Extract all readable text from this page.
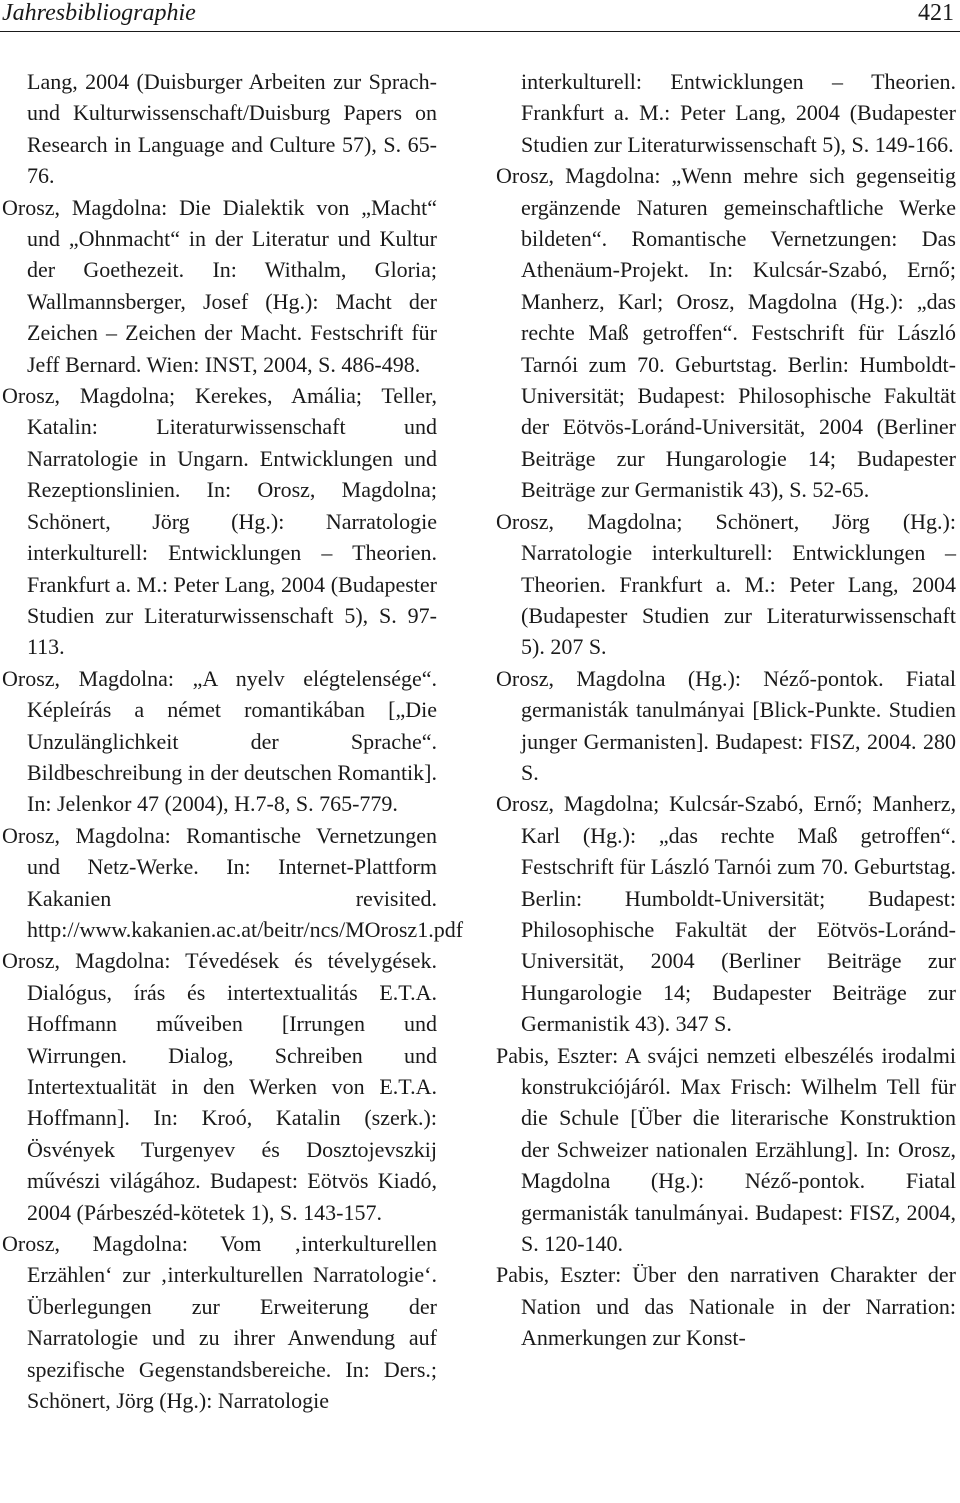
Jahresbibliographie	421
Lang, 2004 (Duisburger Arbeiten zur Sprach- und Kulturwissenschaft/Duisburg Papers on Research in Language and Culture 57), S. 65-76.
Orosz, Magdolna: Die Dialektik von „Macht“ und „Ohnmacht“ in der Literatur und Kultur der Goethezeit. In: Withalm, Gloria; Wallmannsberger, Josef (Hg.): Macht der Zeichen – Zeichen der Macht. Festschrift für Jeff Bernard. Wien: INST, 2004, S. 486-498.
Orosz, Magdolna; Kerekes, Amália; Teller, Katalin: Literaturwissenschaft und Narratologie in Ungarn. Entwicklungen und Rezeptionslinien. In: Orosz, Magdolna; Schönert, Jörg (Hg.): Narratologie interkulturell: Entwicklungen – Theorien. Frankfurt a. M.: Peter Lang, 2004 (Budapester Studien zur Literaturwissenschaft 5), S. 97-113.
Orosz, Magdolna: „A nyelv elégtelensége“. Képleírás a német romantikában [„Die Unzulänglichkeit der Sprache“. Bildbeschreibung in der deutschen Romantik]. In: Jelenkor 47 (2004), H.7-8, S. 765-779.
Orosz, Magdolna: Romantische Vernetzungen und Netz-Werke. In: Internet-Plattform Kakanien revisited. http://www.kakanien.ac.at/beitr/ncs/MOrosz1.pdf
Orosz, Magdolna: Tévedések és tévelygések. Dialógus, írás és intertextualitás E.T.A. Hoffmann műveiben [Irrungen und Wirrungen. Dialog, Schreiben und Intertextualität in den Werken von E.T.A. Hoffmann]. In: Kroó, Katalin (szerk.): Ösvények Turgenyev és Dosztojevszkij művészi világához. Budapest: Eötvös Kiadó, 2004 (Párbeszéd-kötetek 1), S. 143-157.
Orosz, Magdolna: Vom ‚interkulturellen Erzählen‘ zur ‚interkulturellen Narratologie‘. Überlegungen zur Erweiterung der Narratologie und zu ihrer Anwendung auf spezifische Gegenstandsbereiche. In: Ders.; Schönert, Jörg (Hg.): Narratologie
interkulturell: Entwicklungen – Theorien. Frankfurt a. M.: Peter Lang, 2004 (Budapester Studien zur Literaturwissenschaft 5), S. 149-166.
Orosz, Magdolna: „Wenn mehre sich gegenseitig ergänzende Naturen gemeinschaftliche Werke bildeten“. Romantische Vernetzungen: Das Athenäum-Projekt. In: Kulcsár-Szabó, Ernő; Manherz, Karl; Orosz, Magdolna (Hg.): „das rechte Maß getroffen“. Festschrift für László Tarnói zum 70. Geburtstag. Berlin: Humboldt-Universität; Budapest: Philosophische Fakultät der Eötvös-Loránd-Universität, 2004 (Berliner Beiträge zur Hungarologie 14; Budapester Beiträge zur Germanistik 43), S. 52-65.
Orosz, Magdolna; Schönert, Jörg (Hg.): Narratologie interkulturell: Entwicklungen – Theorien. Frankfurt a. M.: Peter Lang, 2004 (Budapester Studien zur Literaturwissenschaft 5). 207 S.
Orosz, Magdolna (Hg.): Néző-pontok. Fiatal germanisták tanulmányai [Blick-Punkte. Studien junger Germanisten]. Budapest: FISZ, 2004. 280 S.
Orosz, Magdolna; Kulcsár-Szabó, Ernő; Manherz, Karl (Hg.): „das rechte Maß getroffen“. Festschrift für László Tarnói zum 70. Geburtstag. Berlin: Humboldt-Universität; Budapest: Philosophische Fakultät der Eötvös-Loránd-Universität, 2004 (Berliner Beiträge zur Hungarologie 14; Budapester Beiträge zur Germanistik 43). 347 S.
Pabis, Eszter: A svájci nemzeti elbeszélés irodalmi konstrukciójáról. Max Frisch: Wilhelm Tell für die Schule [Über die literarische Konstruktion der Schweizer nationalen Erzählung]. In: Orosz, Magdolna (Hg.): Néző-pontok. Fiatal germanisták tanulmányai. Budapest: FISZ, 2004, S. 120-140.
Pabis, Eszter: Über den narrativen Charakter der Nation und das Nationale in der Narration: Anmerkungen zur Konst-
